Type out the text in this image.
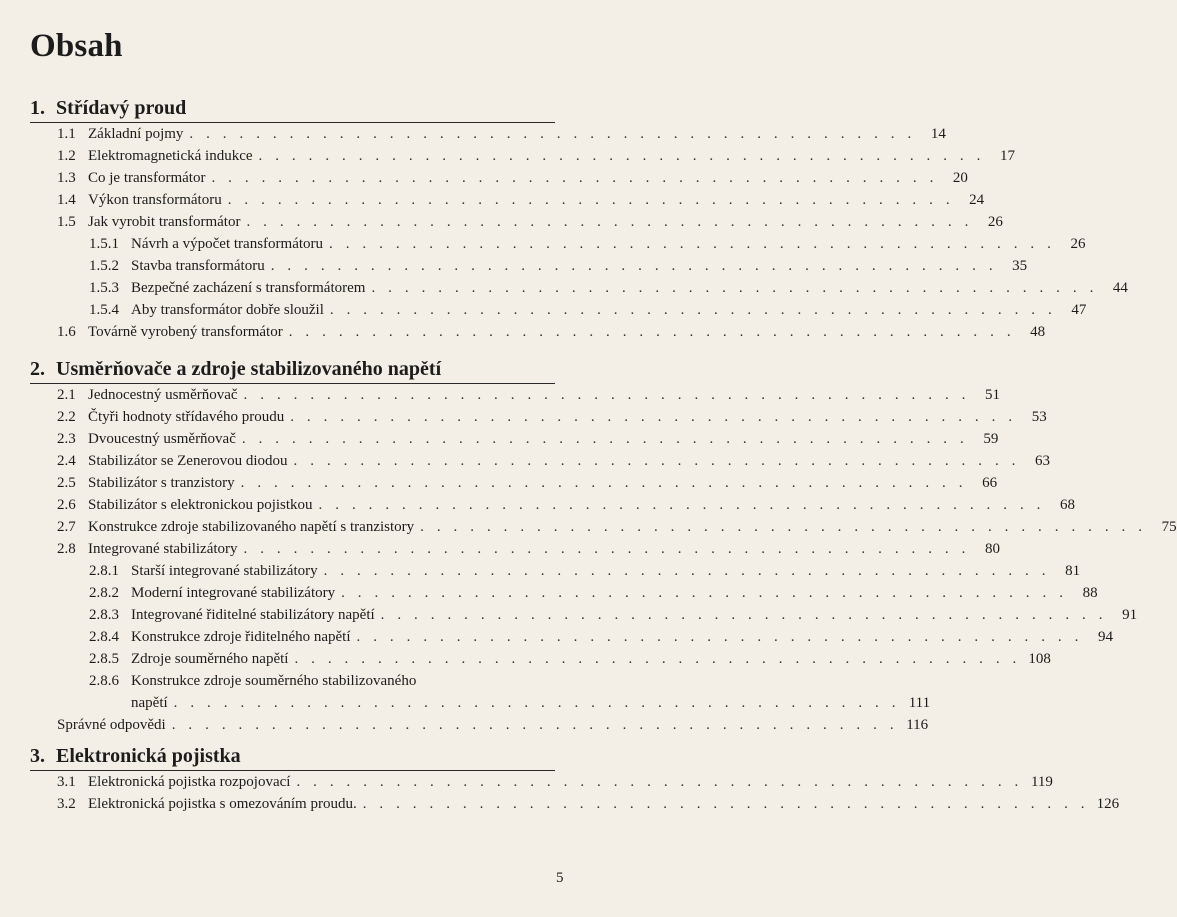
Obsah
1. Střídavý proud
1.1 Základní pojmy . . . . . . . . . . . . . . . . . . . . . . . . . . . . . . . . . . . . . . . . . . . .	14
1.2 Elektromagnetická indukce . . . . . . . . . . . . . . . . . . . . . . . . . . . . . . . . . . . . . . . . . . . .	17
1.3 Co je transformátor . . . . . . . . . . . . . . . . . . . . . . . . . . . . . . . . . . . . . . . . . . . .	20
1.4 Výkon transformátoru . . . . . . . . . . . . . . . . . . . . . . . . . . . . . . . . . . . . . . . . . . . .	24
1.5 Jak vyrobit transformátor . . . . . . . . . . . . . . . . . . . . . . . . . . . . . . . . . . . . . . . . . . . .	26
1.5.1 Návrh a výpočet transformátoru . . . . . . . . . . . . . . . . . . . . . . . . . . . . . . . . . . . . . . . . . . . .	26
1.5.2 Stavba transformátoru . . . . . . . . . . . . . . . . . . . . . . . . . . . . . . . . . . . . . . . . . . . .	35
1.5.3 Bezpečné zacházení s transformátorem . . . . . . . . . . . . . . . . . . . . . . . . . . . . . . . . . . . . . . . . . . . .	44
1.5.4 Aby transformátor dobře sloužil . . . . . . . . . . . . . . . . . . . . . . . . . . . . . . . . . . . . . . . . . . . .	47
1.6 Továrně vyrobený transformátor . . . . . . . . . . . . . . . . . . . . . . . . . . . . . . . . . . . . . . . . . . . .	48
2. Usměrňovače a zdroje stabilizovaného napětí
2.1 Jednocestný usměrňovač . . . . . . . . . . . . . . . . . . . . . . . . . . . . . . . . . . . . . . . . . . . .	51
2.2 Čtyři hodnoty střídavého proudu . . . . . . . . . . . . . . . . . . . . . . . . . . . . . . . . . . . . . . . . . . . .	53
2.3 Dvoucestný usměrňovač . . . . . . . . . . . . . . . . . . . . . . . . . . . . . . . . . . . . . . . . . . . .	59
2.4 Stabilizátor se Zenerovou diodou . . . . . . . . . . . . . . . . . . . . . . . . . . . . . . . . . . . . . . . . . . . .	63
2.5 Stabilizátor s tranzistory . . . . . . . . . . . . . . . . . . . . . . . . . . . . . . . . . . . . . . . . . . . .	66
2.6 Stabilizátor s elektronickou pojistkou . . . . . . . . . . . . . . . . . . . . . . . . . . . . . . . . . . . . . . . . . . . .	68
2.7 Konstrukce zdroje stabilizovaného napětí s tranzistory . . . . . . . . . . . . . . . . . . . . . . . . . . . . . . . . . . . . . . . . . . . .	75
2.8 Integrované stabilizátory . . . . . . . . . . . . . . . . . . . . . . . . . . . . . . . . . . . . . . . . . . . .	80
2.8.1 Starší integrované stabilizátory . . . . . . . . . . . . . . . . . . . . . . . . . . . . . . . . . . . . . . . . . . . .	81
2.8.2 Moderní integrované stabilizátory . . . . . . . . . . . . . . . . . . . . . . . . . . . . . . . . . . . . . . . . . . . .	88
2.8.3 Integrované řiditelné stabilizátory napětí . . . . . . . . . . . . . . . . . . . . . . . . . . . . . . . . . . . . . . . . . . . .	91
2.8.4 Konstrukce zdroje řiditelného napětí . . . . . . . . . . . . . . . . . . . . . . . . . . . . . . . . . . . . . . . . . . . .	94
2.8.5 Zdroje souměrného napětí . . . . . . . . . . . . . . . . . . . . . . . . . . . . . . . . . . . . . . . . . . . . 108
2.8.6 Konstrukce zdroje souměrného stabilizovaného
napětí . . . . . . . . . . . . . . . . . . . . . . . . . . . . . . . . . . . . . . . . . . . . 111
Správné odpovědi . . . . . . . . . . . . . . . . . . . . . . . . . . . . . . . . . . . . . . . . . . . . 116
3. Elektronická pojistka
3.1 Elektronická pojistka rozpojovací . . . . . . . . . . . . . . . . . . . . . . . . . . . . . . . . . . . . . . . . . . . . 119
3.2 Elektronická pojistka s omezováním proudu. . . . . . . . . . . . . . . . . . . . . . . . . . . . . . . . . . . . . . . . . . . . . 126
5
